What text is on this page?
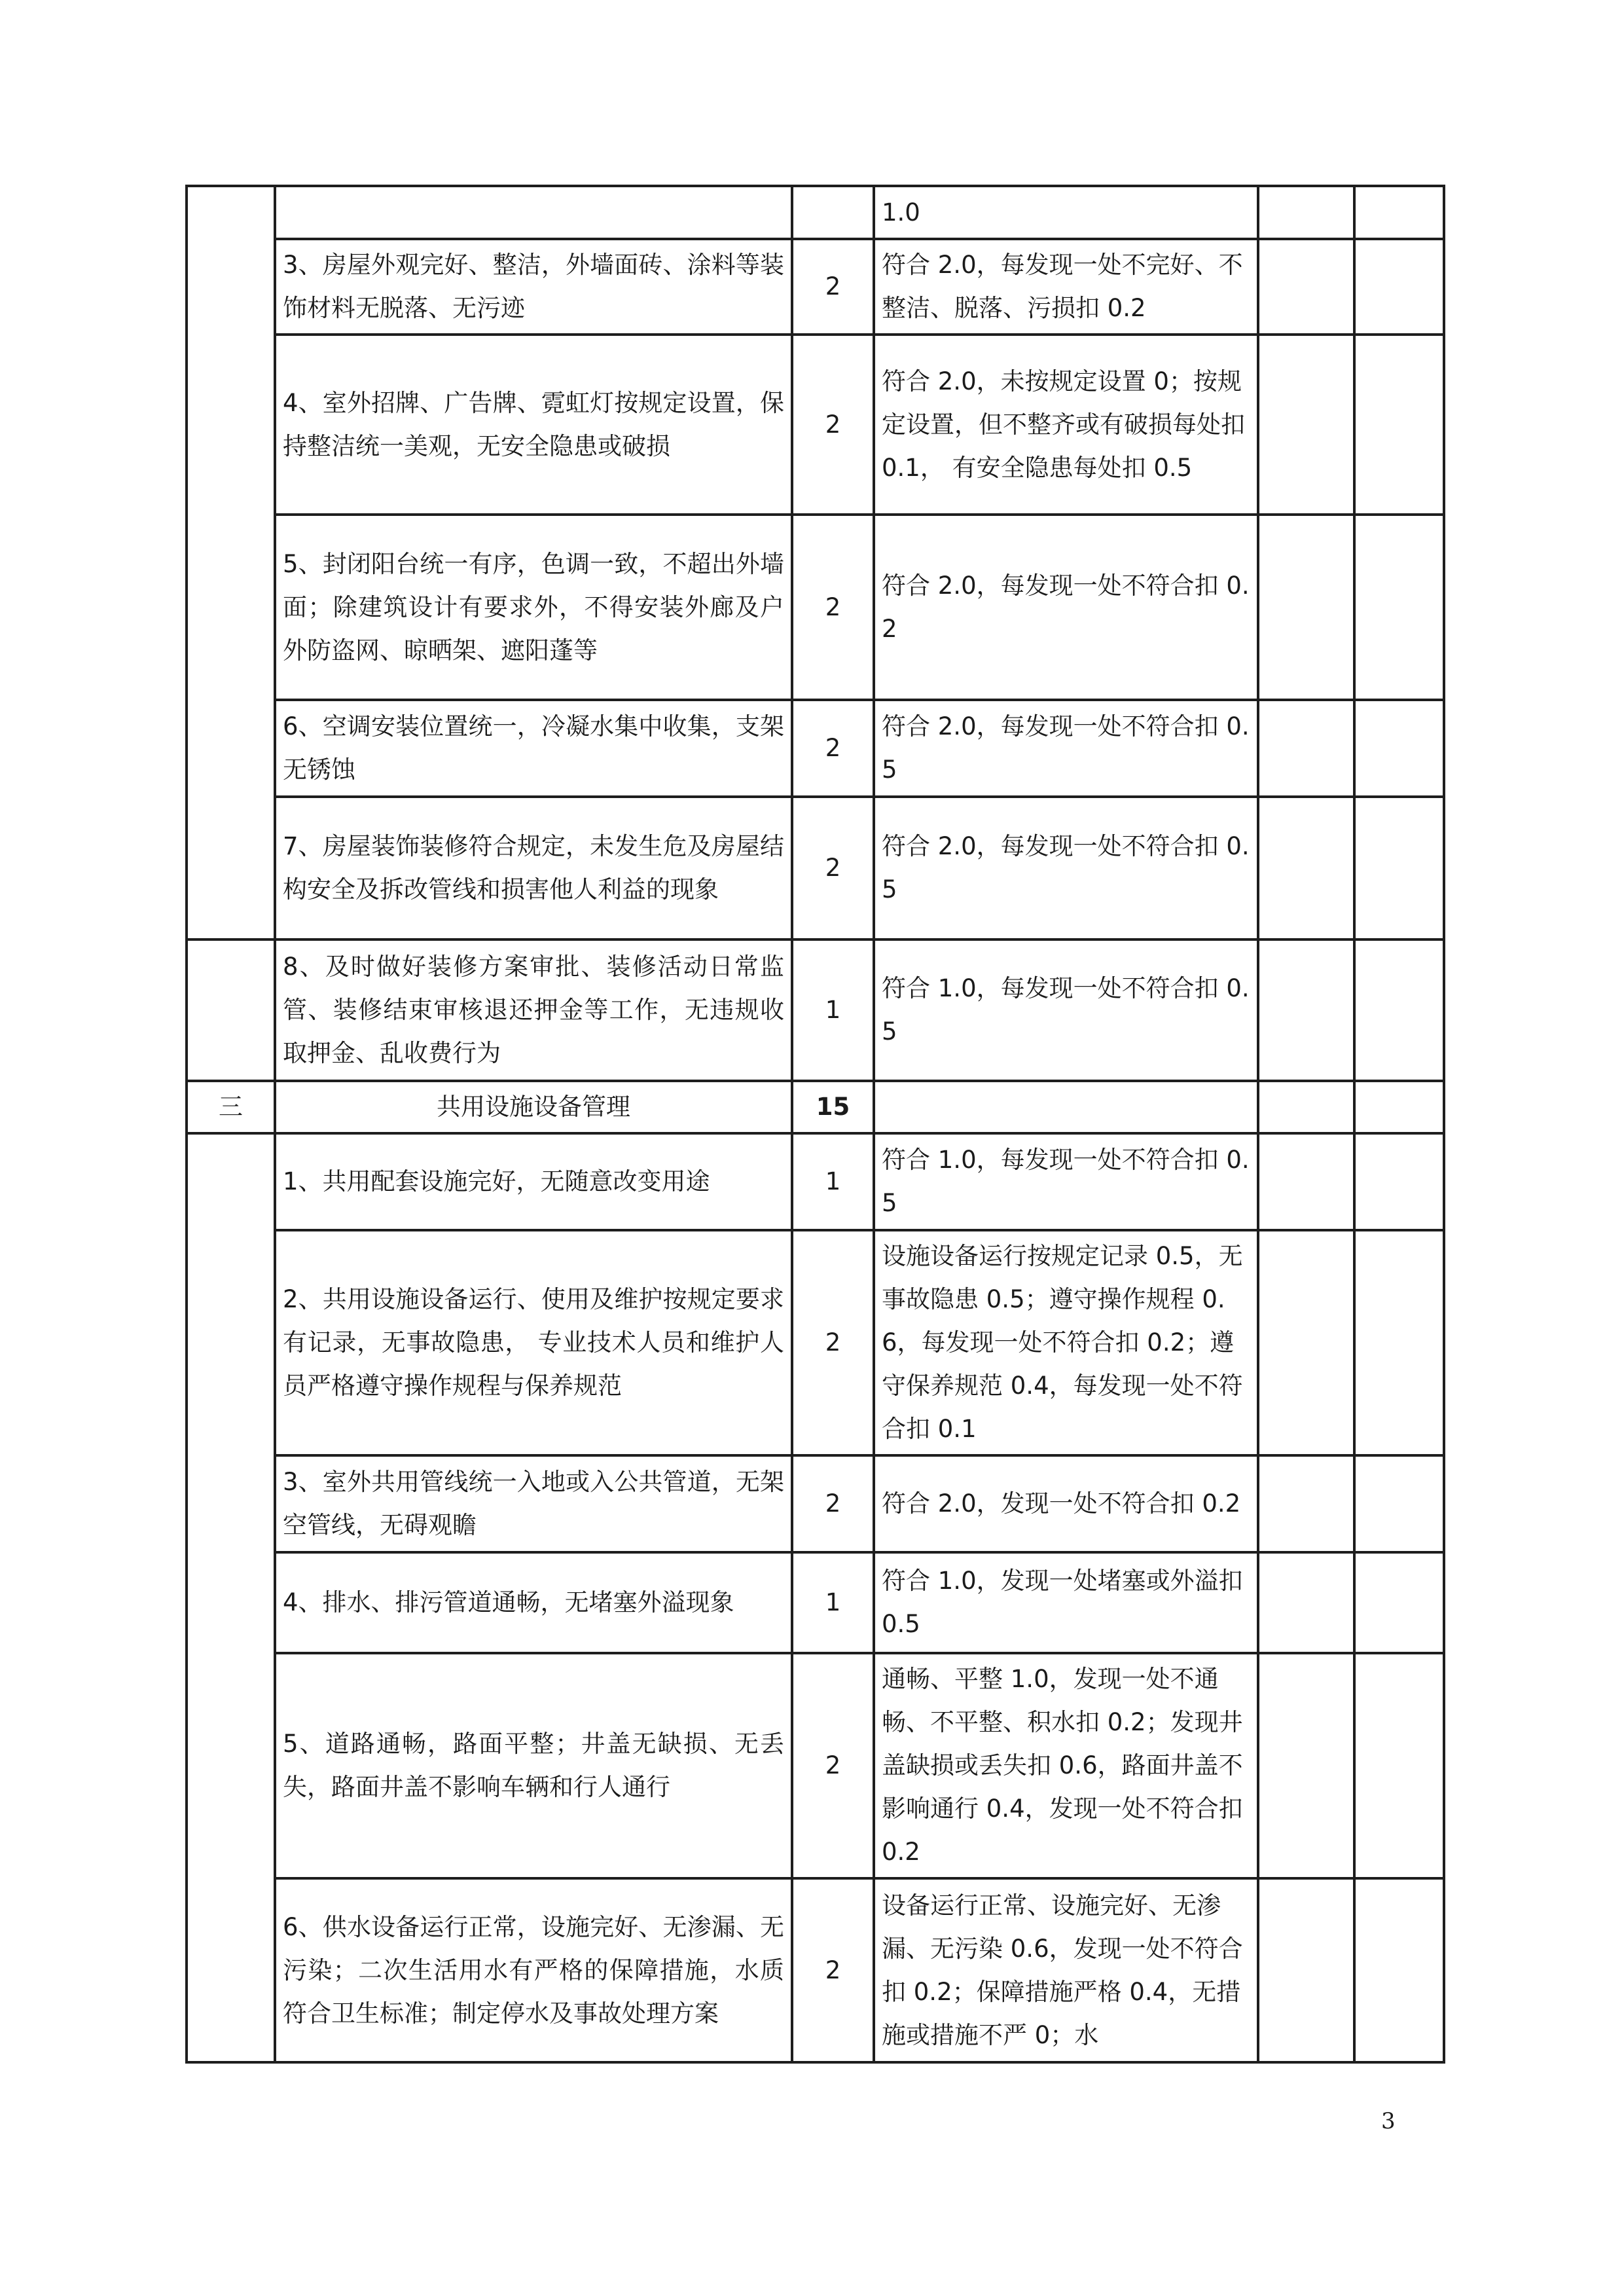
			1.0		
	3、房屋外观完好、整洁，外墙面砖、涂料等装饰材料无脱落、无污迹	2	符合 2.0，每发现一处不完好、不整洁、脱落、污损扣 0.2		
	4、室外招牌、广告牌、霓虹灯按规定设置，保持整洁统一美观，无安全隐患或破损	2	符合 2.0，未按规定设置 0；按规定设置，但不整齐或有破损每处扣 0.1， 有安全隐患每处扣 0.5		
	5、封闭阳台统一有序，色调一致，不超出外墙面；除建筑设计有要求外，不得安装外廊及户外防盗网、晾晒架、遮阳蓬等	2	符合 2.0，每发现一处不符合扣 0.2		
	6、空调安装位置统一，冷凝水集中收集，支架无锈蚀	2	符合 2.0，每发现一处不符合扣 0.5		
	7、房屋装饰装修符合规定，未发生危及房屋结构安全及拆改管线和损害他人利益的现象	2	符合 2.0，每发现一处不符合扣 0.5		
	8、及时做好装修方案审批、装修活动日常监管、装修结束审核退还押金等工作，无违规收取押金、乱收费行为	1	符合 1.0，每发现一处不符合扣 0.5		
三	共用设施设备管理	15			
	1、共用配套设施完好，无随意改变用途	1	符合 1.0，每发现一处不符合扣 0.5		
	2、共用设施设备运行、使用及维护按规定要求有记录，无事故隐患， 专业技术人员和维护人员严格遵守操作规程与保养规范	2	设施设备运行按规定记录 0.5，无事故隐患 0.5；遵守操作规程 0.6，每发现一处不符合扣 0.2；遵守保养规范 0.4，每发现一处不符合扣 0.1		
	3、室外共用管线统一入地或入公共管道，无架空管线，无碍观瞻	2	符合 2.0，发现一处不符合扣 0.2		
	4、排水、排污管道通畅，无堵塞外溢现象	1	符合 1.0，发现一处堵塞或外溢扣 0.5		
	5、道路通畅，路面平整；井盖无缺损、无丢失，路面井盖不影响车辆和行人通行	2	通畅、平整 1.0，发现一处不通畅、不平整、积水扣 0.2；发现井盖缺损或丢失扣 0.6，路面井盖不影响通行 0.4，发现一处不符合扣 0.2		
	6、供水设备运行正常，设施完好、无渗漏、无污染；二次生活用水有严格的保障措施，水质符合卫生标准；制定停水及事故处理方案	2	设备运行正常、设施完好、无渗漏、无污染 0.6，发现一处不符合扣 0.2；保障措施严格 0.4，无措施或措施不严 0；水		
3
